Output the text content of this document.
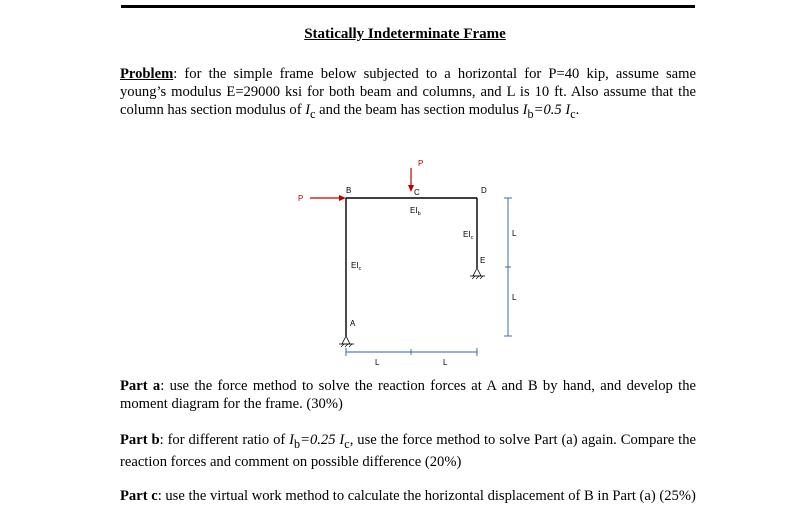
Statically Indeterminate Frame
Problem: for the simple frame below subjected to a horizontal for P=40 kip, assume same young’s modulus E=29000 ksi for both beam and columns, and L is 10 ft. Also assume that the column has section modulus of $I_c$ and the beam has section modulus $I_b=0.5$ $I_c$.
P
P
B	C	D
E
A
$EI_b$
$EI_c$
$EI_c$
L	L
L
L
Part a: use the force method to solve the reaction forces at A and B by hand, and develop the moment diagram for the frame. (30%)
Part b: for different ratio of $I_b=0.25$ $I_c$, use the force method to solve Part (a) again. Compare the reaction forces and comment on possible difference (20%)
Part c: use the virtual work method to calculate the horizontal displacement of B in Part (a) (25%)
